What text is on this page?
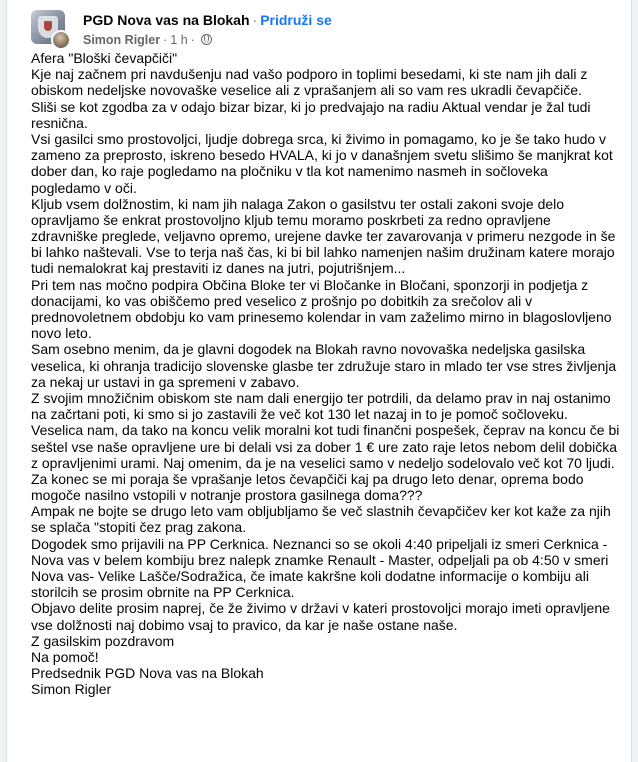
PGD Nova vas na Blokah · Pridruži se
Simon Rigler · 1 h ·
Afera "Bloški čevapčiči"
Kje naj začnem pri navdušenju nad vašo podporo in toplimi besedami, ki ste nam jih dali z
obiskom nedeljske novovaške veselice ali z vprašanjem ali so vam res ukradli čevapčiče.
Sliši se kot zgodba za v odajo bizar bizar, ki jo predvajajo na radiu Aktual vendar je žal tudi
resnična.
Vsi gasilci smo prostovoljci, ljudje dobrega srca, ki živimo in pomagamo, ko je še tako hudo v
zameno za preprosto, iskreno besedo HVALA, ki jo v današnjem svetu slišimo še manjkrat kot
dober dan, ko raje pogledamo na pločniku v tla kot namenimo nasmeh in sočloveka
pogledamo v oči.
Kljub vsem dolžnostim, ki nam jih nalaga Zakon o gasilstvu ter ostali zakoni svoje delo
opravljamo še enkrat prostovoljno kljub temu moramo poskrbeti za redno opravljene
zdravniške preglede, veljavno opremo, urejene davke ter zavarovanja v primeru nezgode in še
bi lahko naštevali. Vse to terja naš čas, ki bi bil lahko namenjen našim družinam katere morajo
tudi nemalokrat kaj prestaviti iz danes na jutri, pojutrišnjem...
Pri tem nas močno podpira Občina Bloke ter vi Bločanke in Bločani, sponzorji in podjetja z
donacijami, ko vas obiščemo pred veselico z prošnjo po dobitkih za srečolov ali v
prednovoletnem obdobju ko vam prinesemo kolendar in vam zaželimo mirno in blagoslovljeno
novo leto.
Sam osebno menim, da je glavni dogodek na Blokah ravno novovaška nedeljska gasilska
veselica, ki ohranja tradicijo slovenske glasbe ter združuje staro in mlado ter vse stres življenja
za nekaj ur ustavi in ga spremeni v zabavo.
Z svojim množičnim obiskom ste nam dali energijo ter potrdili, da delamo prav in naj ostanimo
na začrtani poti, ki smo si jo zastavili že več kot 130 let nazaj in to je pomoč sočloveku.
Veselica nam, da tako na koncu velik moralni kot tudi finančni pospešek, čeprav na koncu če bi
seštel vse naše opravljene ure bi delali vsi za dober 1 € ure zato raje letos nebom delil dobička
z opravljenimi urami. Naj omenim, da je na veselici samo v nedeljo sodelovalo več kot 70 ljudi.
Za konec se mi poraja še vprašanje letos čevapčiči kaj pa drugo leto denar, oprema bodo
mogoče nasilno vstopili v notranje prostora gasilnega doma???
Ampak ne bojte se drugo leto vam obljubljamo še več slastnih čevapčičev ker kot kaže za njih
se splača "stopiti čez prag zakona.
Dogodek smo prijavili na PP Cerknica. Neznanci so se okoli 4:40 pripeljali iz smeri Cerknica -
Nova vas v belem kombiju brez nalepk znamke Renault - Master, odpeljali pa ob 4:50 v smeri
Nova vas- Velike Lašče/Sodražica, če imate kakršne koli dodatne informacije o kombiju ali
storilcih se prosim obrnite na PP Cerknica.
Objavo delite prosim naprej, če že živimo v državi v kateri prostovoljci morajo imeti opravljene
vse dolžnosti naj dobimo vsaj to pravico, da kar je naše ostane naše.
Z gasilskim pozdravom
Na pomoč!
Predsednik PGD Nova vas na Blokah
Simon Rigler
